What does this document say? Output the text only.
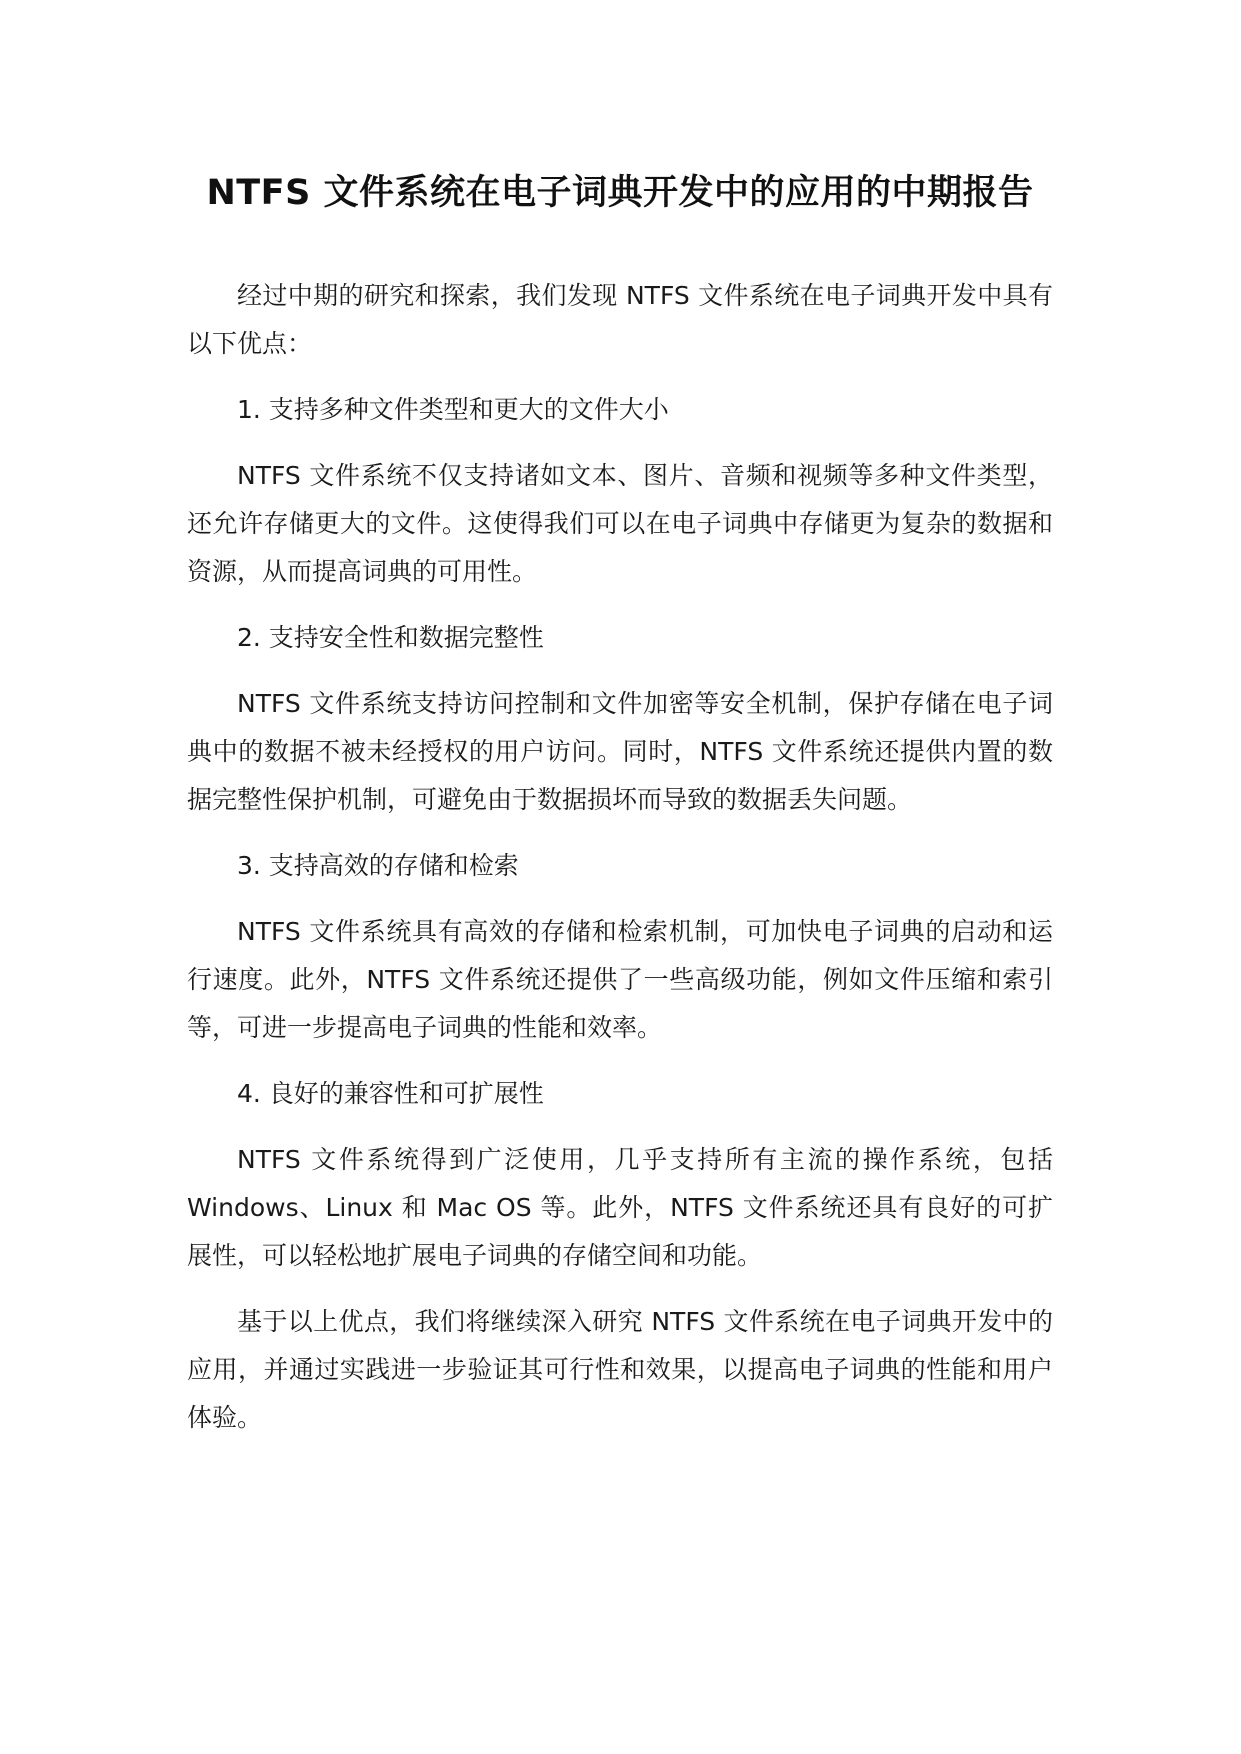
NTFS 文件系统在电子词典开发中的应用的中期报告

经过中期的研究和探索，我们发现 NTFS 文件系统在电子词典开发中具有以下优点：

1. 支持多种文件类型和更大的文件大小

NTFS 文件系统不仅支持诸如文本、图片、音频和视频等多种文件类型，还允许存储更大的文件。这使得我们可以在电子词典中存储更为复杂的数据和资源，从而提高词典的可用性。

2. 支持安全性和数据完整性

NTFS 文件系统支持访问控制和文件加密等安全机制，保护存储在电子词典中的数据不被未经授权的用户访问。同时，NTFS 文件系统还提供内置的数据完整性保护机制，可避免由于数据损坏而导致的数据丢失问题。

3. 支持高效的存储和检索

NTFS 文件系统具有高效的存储和检索机制，可加快电子词典的启动和运行速度。此外，NTFS 文件系统还提供了一些高级功能，例如文件压缩和索引等，可进一步提高电子词典的性能和效率。

4. 良好的兼容性和可扩展性

NTFS 文件系统得到广泛使用，几乎支持所有主流的操作系统，包括 Windows、Linux 和 Mac OS 等。此外，NTFS 文件系统还具有良好的可扩展性，可以轻松地扩展电子词典的存储空间和功能。

基于以上优点，我们将继续深入研究 NTFS 文件系统在电子词典开发中的应用，并通过实践进一步验证其可行性和效果，以提高电子词典的性能和用户体验。
